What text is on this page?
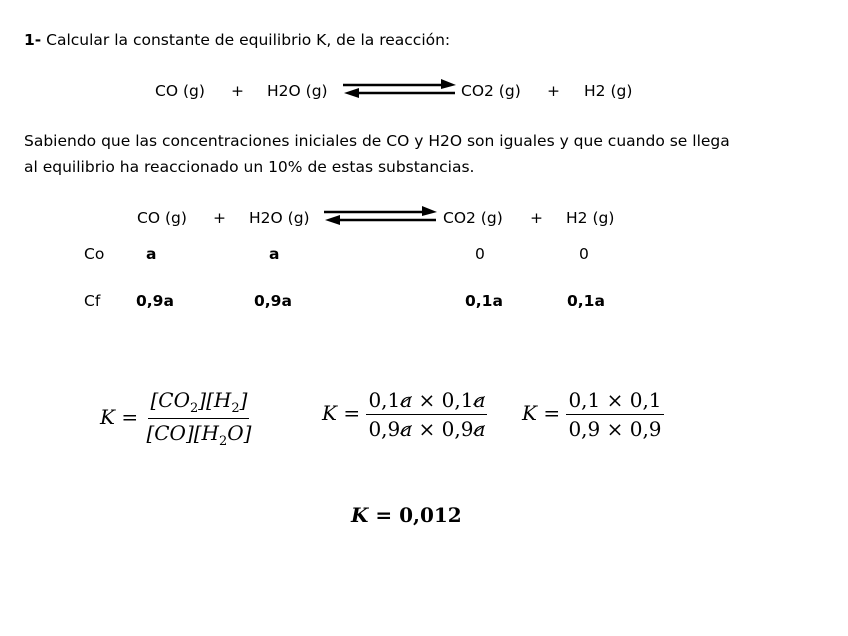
1- Calcular la constante de equilibrio K, de la reacción:
CO (g) + H2O (g)	CO2 (g) + H2 (g)
Sabiendo que las concentraciones iniciales de CO y H2O son iguales y que cuando se llega
al equilibrio ha reaccionado un 10% de estas substancias.
CO (g) + H2O (g)	CO2 (g) + H2 (g)
Co	a	a	0	0
Cf 0,9a	0,9a	0,1a	0,1a
$K = \frac{[CO_2][H_2]}{[CO][H_2O]}$	$K = \frac{0,1a \times 0,1a}{0,9a \times 0,9a}$ $K = \frac{0,1 \times 0,1}{0,9 \times 0,9}$
K = 0,012
